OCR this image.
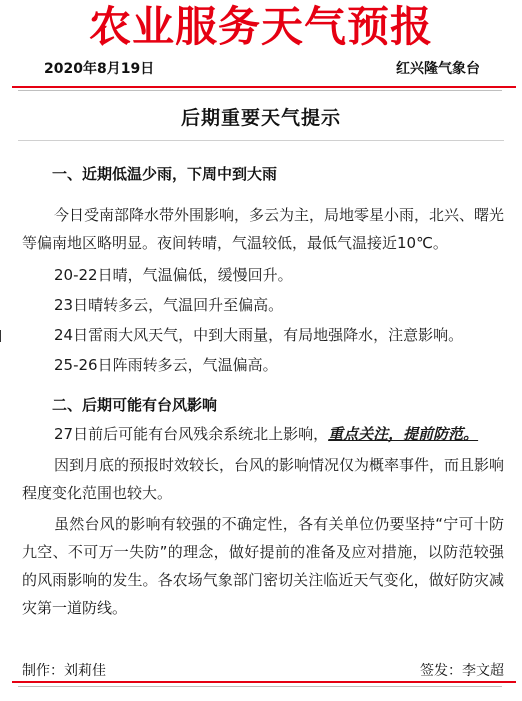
农业服务天气预报
2020年8月19日	红兴隆气象台
后期重要天气提示
一、近期低温少雨，下周中到大雨
今日受南部降水带外围影响，多云为主，局地零星小雨，北兴、曙光等偏南地区略明显。夜间转晴，气温较低，最低气温接近10℃。
20-22日晴，气温偏低，缓慢回升。
23日晴转多云，气温回升至偏高。
24日雷雨大风天气，中到大雨量，有局地强降水，注意影响。
25-26日阵雨转多云，气温偏高。
二、后期可能有台风影响
27日前后可能有台风残余系统北上影响，重点关注，提前防范。
因到月底的预报时效较长，台风的影响情况仅为概率事件，而且影响程度变化范围也较大。
虽然台风的影响有较强的不确定性，各有关单位仍要坚持“宁可十防九空、不可万一失防”的理念，做好提前的准备及应对措施，以防范较强的风雨影响的发生。各农场气象部门密切关注临近天气变化，做好防灾减灾第一道防线。
制作：刘莉佳	签发：李文超
